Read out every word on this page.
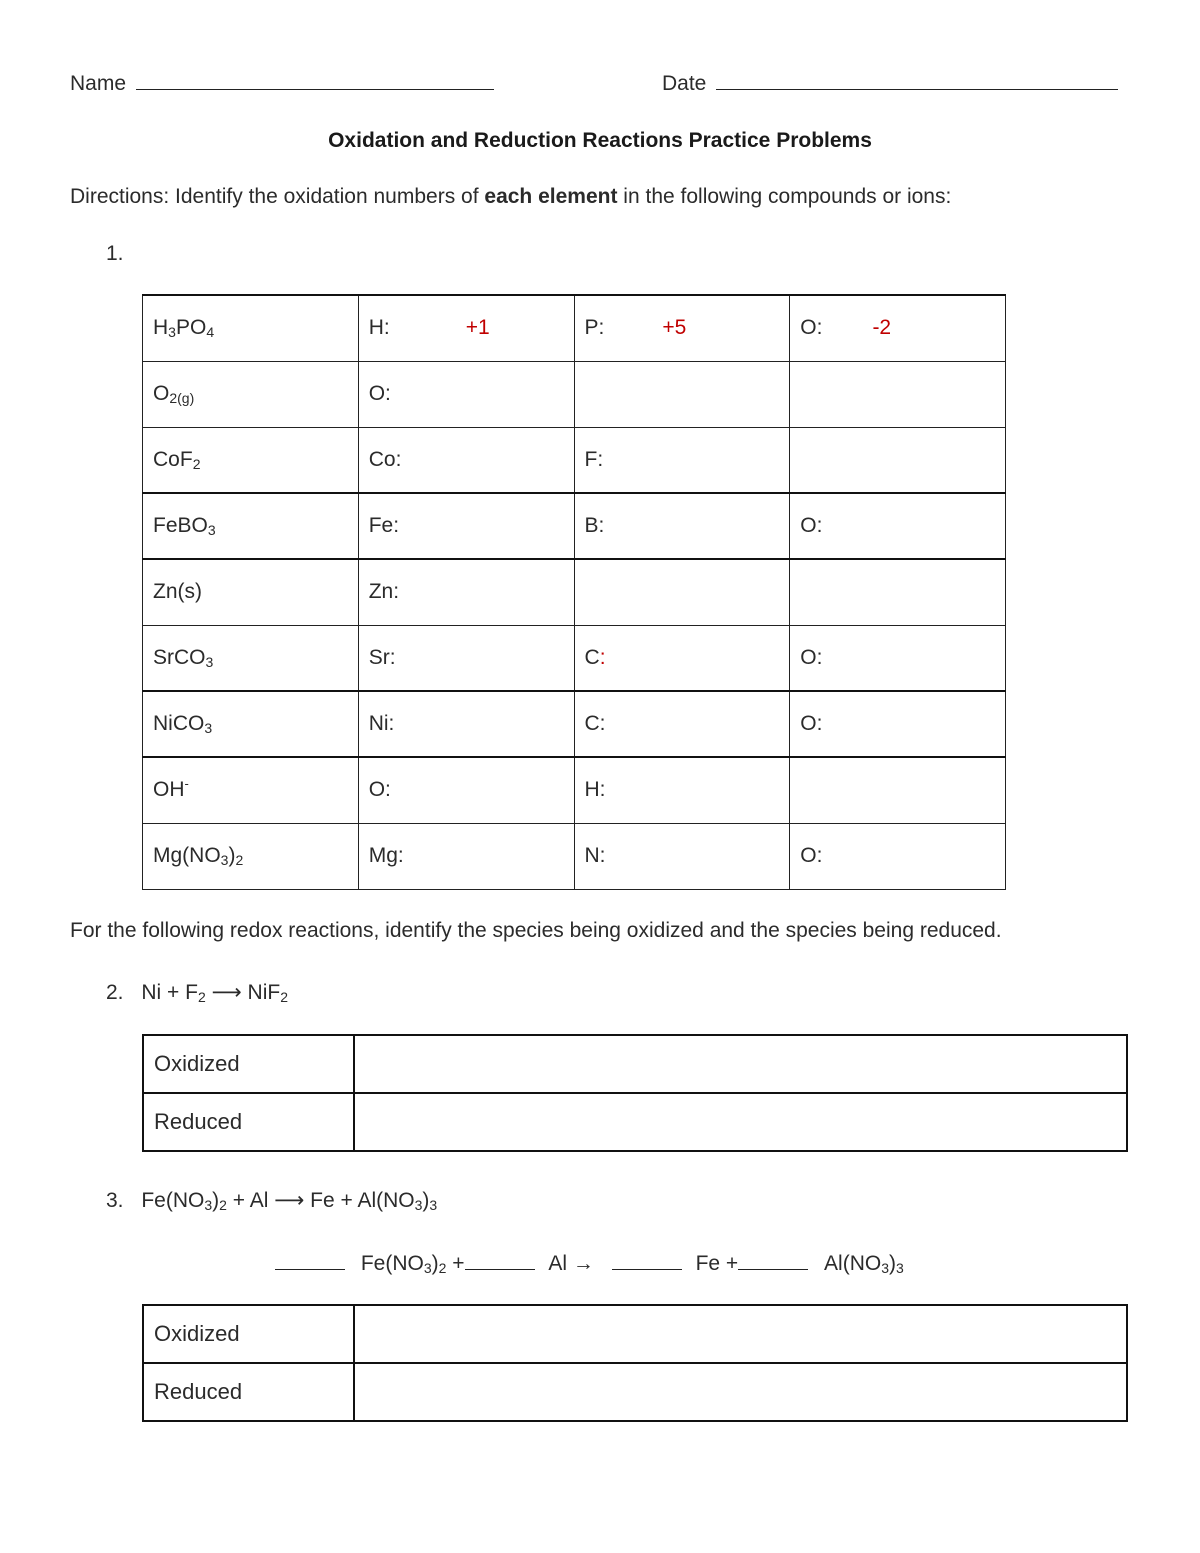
Name	Date
Oxidation and Reduction Reactions Practice Problems
Directions: Identify the oxidation numbers of each element in the following compounds or ions:
1.
$H_3PO_4$	H: +1	P: +5	O: -2
$O_{2(g)}$	O:		
CoF$_2$	Co:	F:	
FeBO$_3$	Fe:	B:	O:
Zn(s)	Zn:		
SrCO$_3$	Sr:	C:	O:
NiCO$_3$	Ni:	C:	O:
OH-	O:	H:	
$Mg(NO_3)_2$	Mg:	N:	O:
For the following redox reactions, identify the species being oxidized and the species being reduced.
2. $Ni + F_2$ ⟶ NiF$_2$
Oxidized	
Reduced	
3. $Fe(NO_3)_2 + Al$ ⟶ $Fe + Al(NO_3)_3$
$Fe(NO_3)_2$ +	Al →	Fe +	$Al(NO_3)_3$
Oxidized	
Reduced	
